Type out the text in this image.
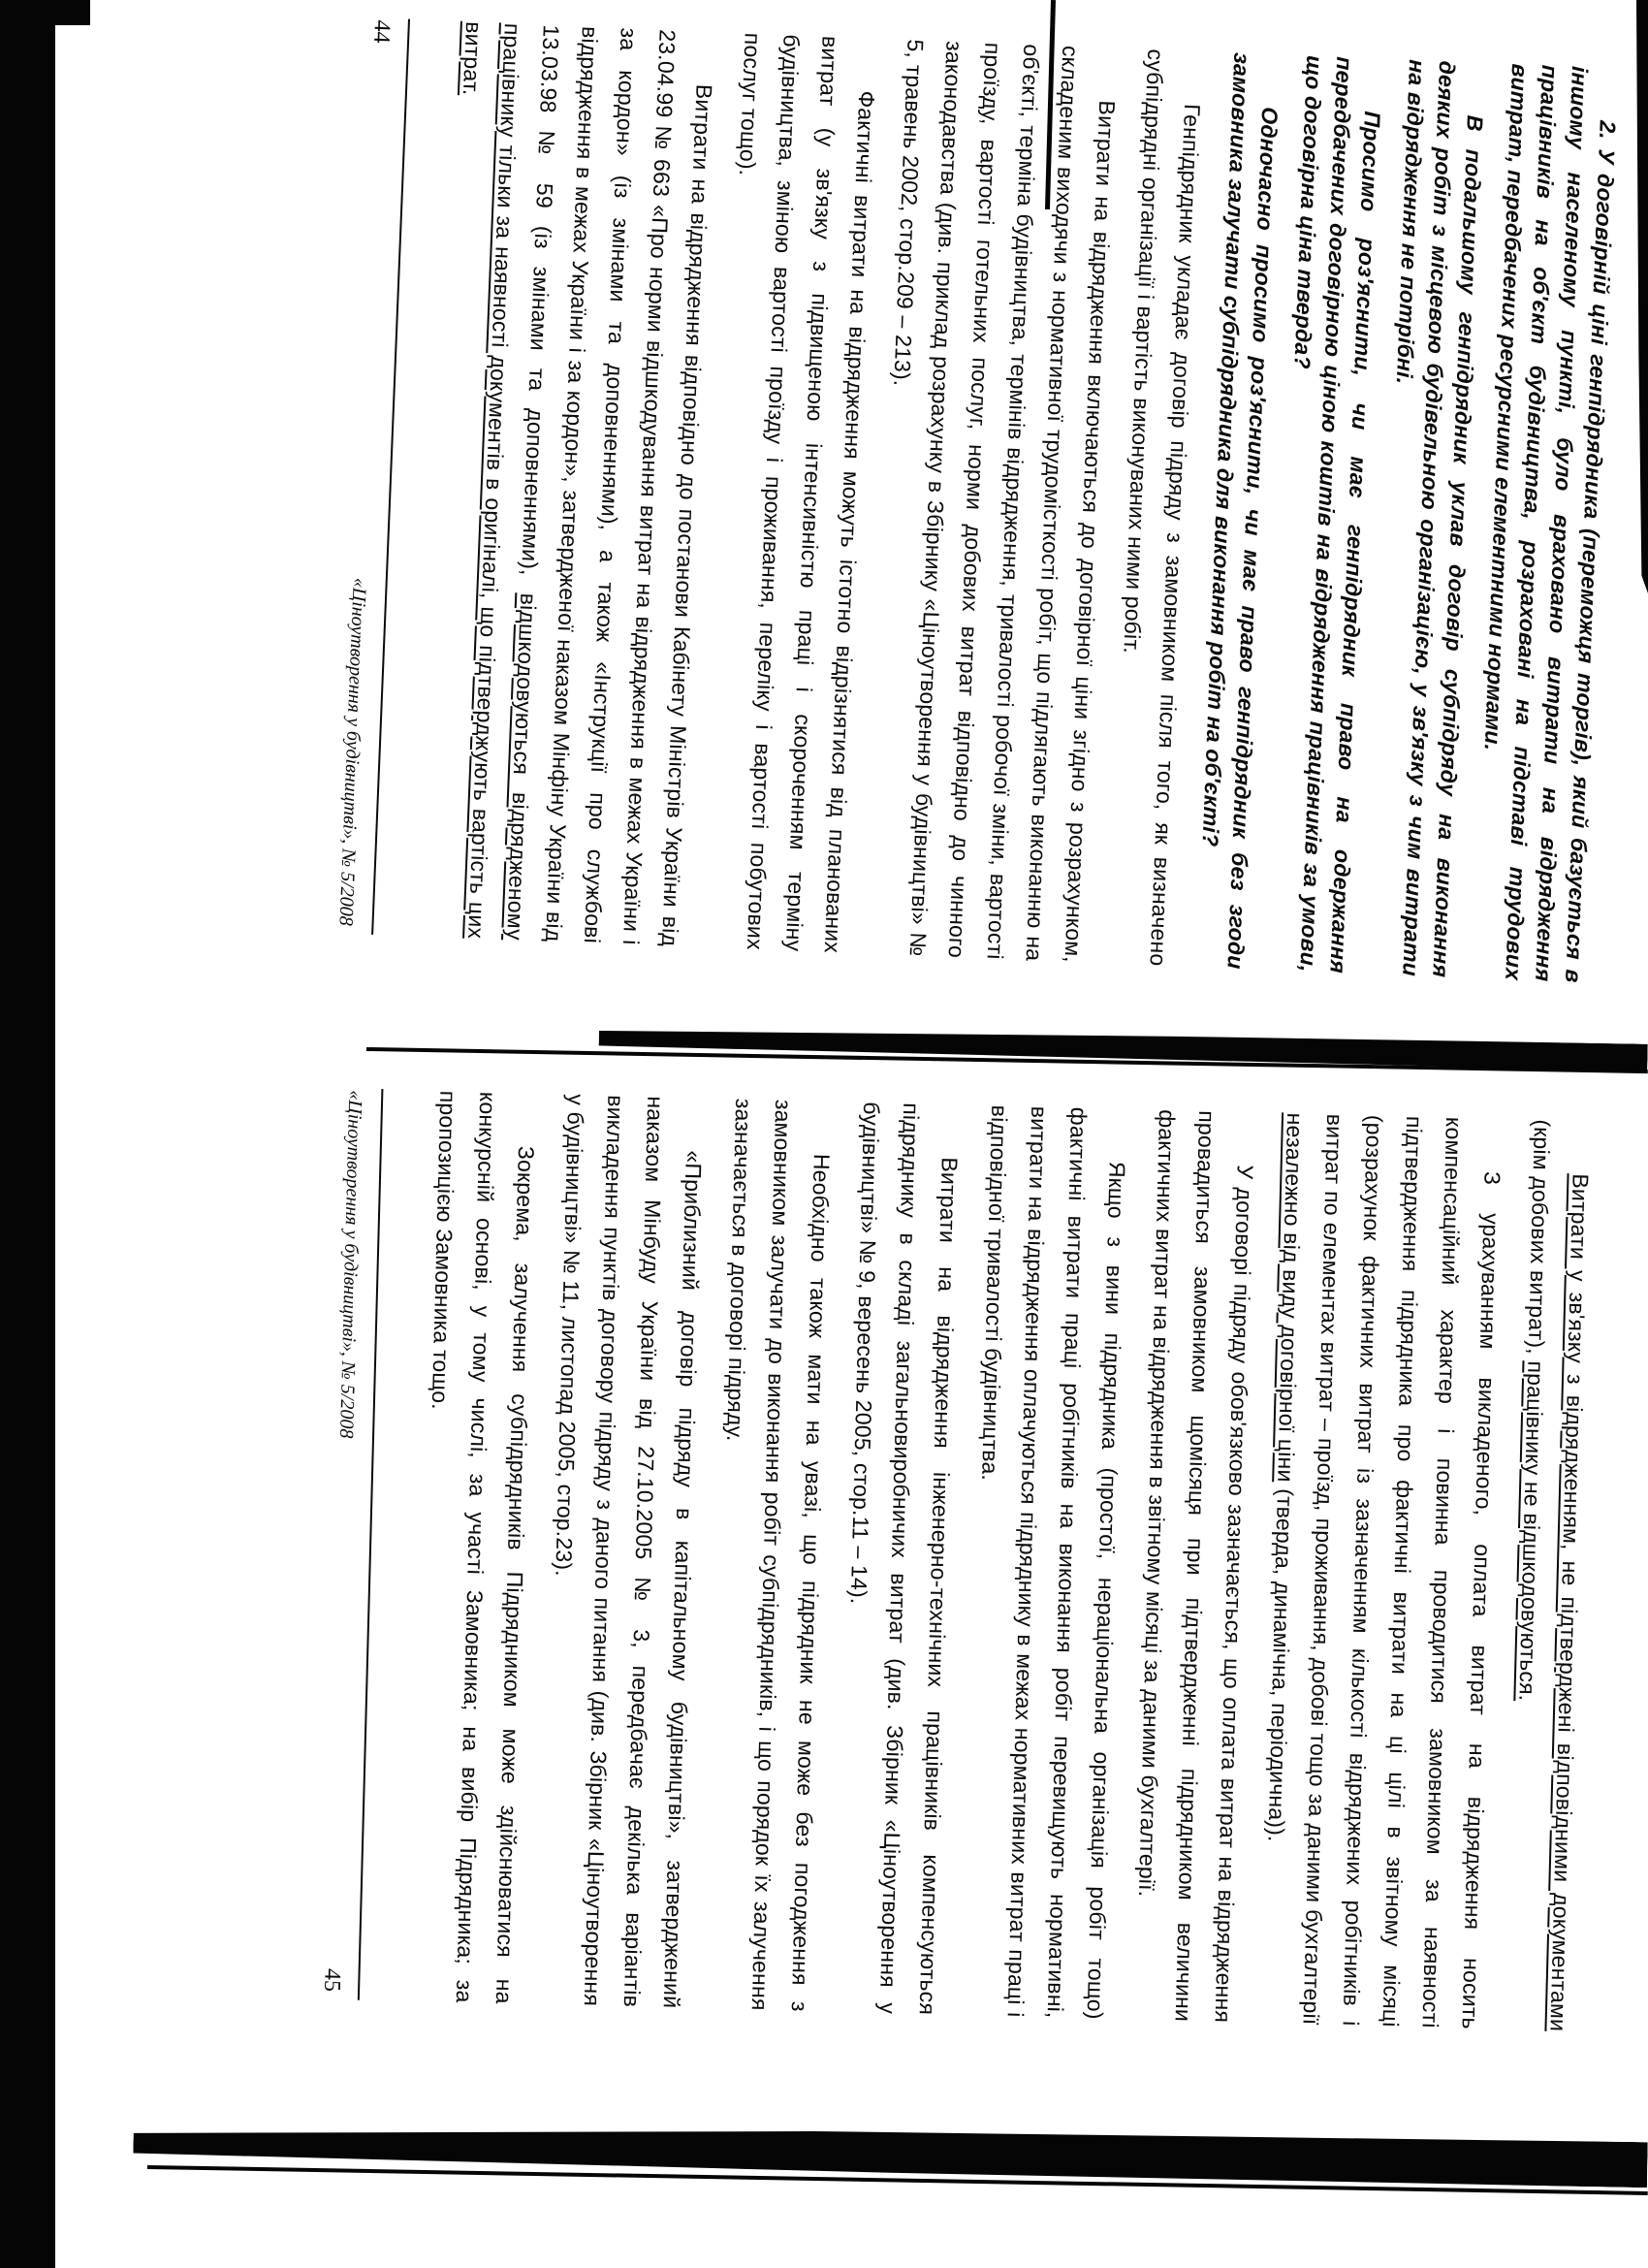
2. У договірній ціні генпідрядника (переможця торгів), який базується в іншому населеному пункті, було враховано витрати на відрядження працівників на об'єкт будівництва, розраховані на підставі трудових витрат, передбачених ресурсними елементними нормами.

В подальшому генпідрядник уклав договір субпідряду на виконання деяких робіт з місцевою будівельною організацією, у зв'язку з чим витрати на відрядження не потрібні.

Просимо роз'яснити, чи має генпідрядник право на одержання передбачених договірною ціною коштів на відрядження працівників за умови, що договірна ціна тверда?

Одночасно просимо роз'яснити, чи має право генпідрядник без згоди замовника залучати субпідрядника для виконання робіт на об'єкті?

Генпідрядник укладає договір підряду з замовником після того, як визначено субпідрядні організації і вартість виконуваних ними робіт.

Витрати на відрядження включаються до договірної ціни згідно з розрахунком, складеним виходячи з нормативної трудомісткості робіт, що підлягають виконанню на об'єкті, терміна будівництва, термінів відрядження, тривалості робочої зміни, вартості проїзду, вартості готельних послуг, норми добових витрат відповідно до чинного законодавства (див. приклад розрахунку в Збірнику «Ціноутворення у будівництві» № 5, травень 2002, стор.209 – 213).

Фактичні витрати на відрядження можуть істотно відрізнятися від планованих витрат (у зв'язку з підвищеною інтенсивністю праці і скороченням терміну будівництва, зміною вартості проїзду і проживання, переліку і вартості побутових послуг тощо).

Витрати на відрядження відповідно до постанови Кабінету Міністрів України від 23.04.99 № 663 «Про норми відшкодування витрат на відрядження в межах України і за кордон» (із змінами та доповненнями), а також «Інструкції про службові відрядження в межах України і за кордон», затвердженої наказом Мінфіну України від 13.03.98 № 59 (із змінами та доповненнями), відшкодовуються відрядженому працівнику тільки за наявності документів в оригіналі, що підтверджують вартість цих витрат.

44
«Ціноутворення у будівництві», № 5/2008

Витрати у зв'язку з відрядженням, не підтверджені відповідними документами (крім добових витрат), працівнику не відшкодовуються.

З урахуванням викладеного, оплата витрат на відрядження носить компенсаційний характер і повинна проводитися замовником за наявності підтвердження підрядника про фактичні витрати на ці цілі в звітному місяці (розрахунок фактичних витрат із зазначенням кількості відряджених робітників і витрат по елементах витрат – проїзд, проживання, добові тощо за даними бухгалтерії незалежно від виду договірної ціни (тверда, динамічна, періодична)).

У договорі підряду обов'язково зазначається, що оплата витрат на відрядження провадиться замовником щомісяця при підтвердженні підрядником величини фактичних витрат на відрядження в звітному місяці за даними бухгалтерії.

Якщо з вини підрядника (простої, нераціональна організація робіт тощо) фактичні витрати праці робітників на виконання робіт перевищують нормативні, витрати на відрядження оплачуються підряднику в межах нормативних витрат праці і відповідної тривалості будівництва.

Витрати на відрядження інженерно-технічних працівників компенсуються підряднику в складі загальновиробничих витрат (див. Збірник «Ціноутворення у будівництві» № 9, вересень 2005, стор.11 – 14).

Необхідно також мати на увазі, що підрядник не може без погодження з замовником залучати до виконання робіт субпідрядників, і що порядок їх залучення зазначається в договорі підряду.

«Приблизний договір підряду в капітальному будівництві», затверджений наказом Мінбуду України від 27.10.2005 № 3, передбачає декілька варіантів викладення пунктів договору підряду з даного питання (див. Збірник «Ціноутворення у будівництві» № 11, листопад 2005, стор.23).

Зокрема, залучення субпідрядників Підрядником може здійснюватися на конкурсній основі, у тому числі, за участі Замовника; на вибір Підрядника; за пропозицією Замовника тощо.

«Ціноутворення у будівництві», № 5/2008
45
